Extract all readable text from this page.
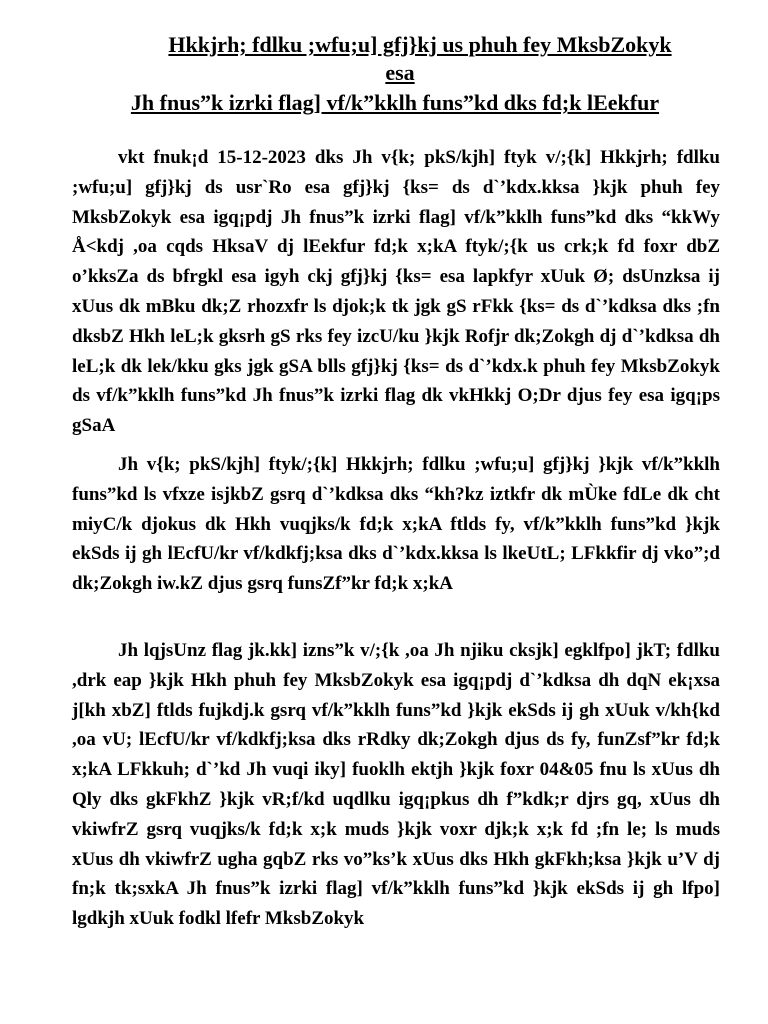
Hkkjrh; fdlku ;wfu;u] gfj}kj us phuh fey MksbZokyk
esa
Jh fnus”k izrki flag] vf/k”kklh funs”kd dks fd;k lEekfur

vkt fnuk¡d 15-12-2023 dks Jh v{k; pkS/kjh] ftyk v/;{k] Hkkjrh; fdlku ;wfu;u] gfj}kj ds usr`Ro esa gfj}kj {ks= ds d`’kdx.kksa }kjk phuh fey MksbZokyk esa igq¡pdj Jh fnus”k izrki flag] vf/k”kklh funs”kd dks “kkWy Å<kdj ,oa cqds HksaV dj lEekfur fd;k x;kA ftyk/;{k us crk;k fd foxr dbZ o’kksZa ds bfrgkl esa igyh ckj gfj}kj {ks= esa lapkfyr xUuk Ø; dsUnzksa ij xUus dk mBku dk;Z rhozxfr ls djok;k tk jgk gS rFkk {ks= ds d`’kdksa dks ;fn dksbZ Hkh leL;k gksrh gS rks fey izcU/ku }kjk Rofjr dk;Zokgh dj d`’kdksa dh leL;k dk lek/kku gks jgk gSA blls gfj}kj {ks= ds d`’kdx.k phuh fey MksbZokyk ds vf/k”kklh funs”kd Jh fnus”k izrki flag dk vkHkkj O;Dr djus fey esa igq¡ps gSaA

Jh v{k; pkS/kjh] ftyk/;{k] Hkkjrh; fdlku ;wfu;u] gfj}kj }kjk vf/k”kklh funs”kd ls vfxze isjkbZ gsrq d`’kdksa dks “kh?kz iztkfr dk mÙke fdLe dk cht miyC/k djokus dk Hkh vuqjks/k fd;k x;kA ftlds fy, vf/k”kklh funs”kd }kjk ekSds ij gh lEcfU/kr vf/kdkfj;ksa dks d`’kdx.kksa ls lkeUtL; LFkkfir dj vko”;d dk;Zokgh iw.kZ djus gsrq funsZf”kr fd;k x;kA

Jh lqjsUnz flag jk.kk] izns”k v/;{k ,oa Jh njiku cksjk] egklfpo] jkT; fdlku ,drk eap }kjk Hkh phuh fey MksbZokyk esa igq¡pdj d`’kdksa dh dqN ek¡xsa j[kh xbZ] ftlds fujkdj.k gsrq vf/k”kklh funs”kd }kjk ekSds ij gh xUuk v/kh{kd ,oa vU; lEcfU/kr vf/kdkfj;ksa dks rRdky dk;Zokgh djus ds fy, funZsf”kr fd;k x;kA LFkkuh; d`’kd Jh vuqi iky] fuoklh ektjh }kjk foxr 04&05 fnu ls xUus dh Qly dks gkFkhZ }kjk vR;f/kd uqdlku igq¡pkus dh f”kdk;r djrs gq, xUus dh vkiwfrZ gsrq vuqjks/k fd;k x;k muds }kjk voxr djk;k x;k fd ;fn le; ls muds xUus dh vkiwfrZ ugha gqbZ rks vo”ks’k xUus dks Hkh gkFkh;ksa }kjk u’V dj fn;k tk;sxkA Jh fnus”k izrki flag] vf/k”kklh funs”kd }kjk ekSds ij gh lfpo] lgdkjh xUuk fodkl lfefr MksbZokyk
